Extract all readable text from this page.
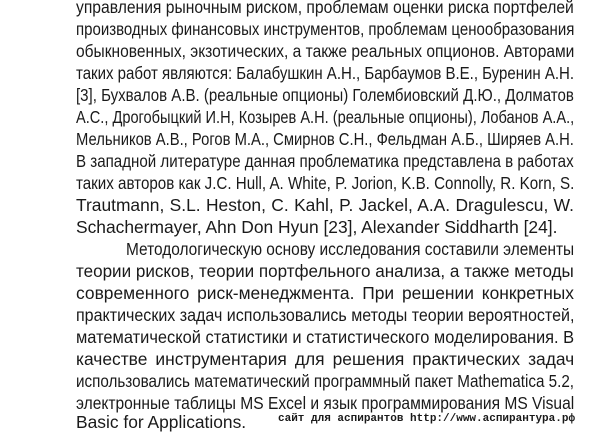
управления рыночным риском, проблемам оценки риска портфелей
производных финансовых инструментов, проблемам ценообразования
обыкновенных, экзотических, а также реальных опционов. Авторами
таких работ являются: Балабушкин А.Н., Барбаумов В.Е., Буренин А.Н.
[3], Бухвалов А.В. (реальные опционы) Голембиовский Д.Ю., Долматов
А.С., Дрогобыцкий И.Н, Козырев А.Н. (реальные опционы), Лобанов А.А.,
Мельников А.В., Рогов М.А., Смирнов С.Н., Фельдман А.Б., Ширяев А.Н.
В западной литературе данная проблематика представлена в работах
таких авторов как J.C. Hull, A. White, P. Jorion, K.B. Connolly, R. Korn, S.
Trautmann, S.L. Heston, C. Kahl, P. Jackel, A.A. Dragulescu, W.
Schachermayer, Ahn Don Hyun [23], Alexander Siddharth [24].
Методологическую основу исследования составили элементы
теории рисков, теории портфельного анализа, а также методы
современного риск-менеджмента. При решении конкретных
практических задач использовались методы теории вероятностей,
математической статистики и статистического моделирования. В
качестве инструментария для решения практических задач
использовались математический программный пакет Mathematica 5.2,
электронные таблицы MS Excel и язык программирования MS Visual
Basic for Applications.	сайт для аспирантов http://www.аспирантура.рф
